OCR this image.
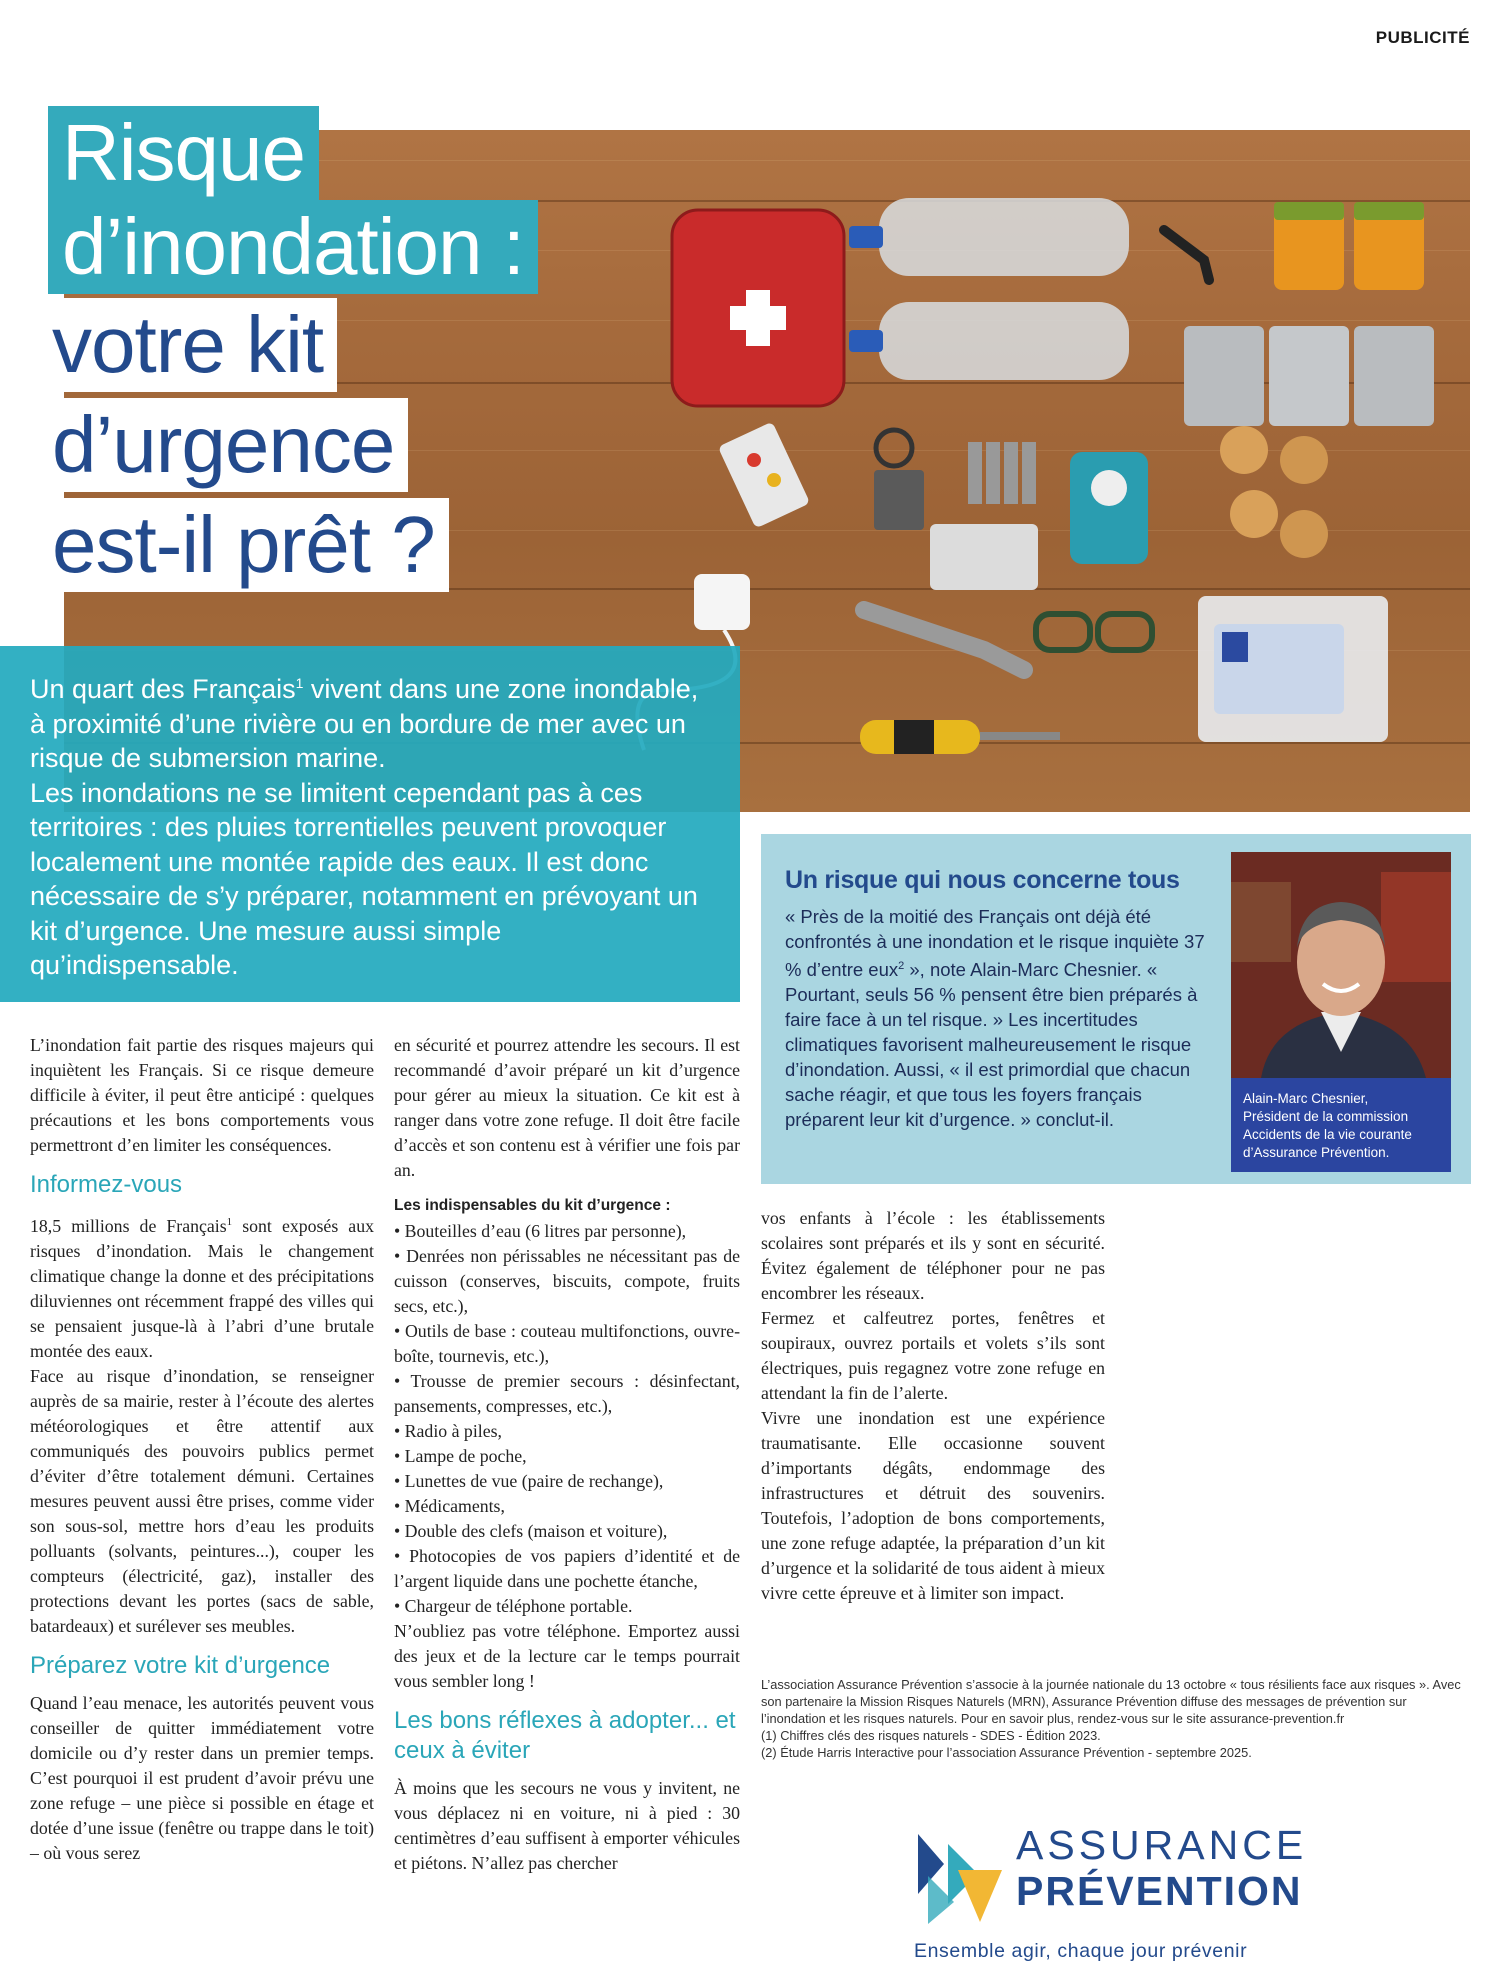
PUBLICITÉ
Risque
d’inondation :
votre kit
d’urgence
est-il prêt ?

Un quart des Français$^1$ vivent dans une zone inondable, à proximité d’une rivière ou en bordure de mer avec un risque de submersion marine.

Les inondations ne se limitent cependant pas à ces territoires : des pluies torrentielles peuvent provoquer localement une montée rapide des eaux. Il est donc nécessaire de s’y préparer, notamment en prévoyant un kit d’urgence. Une mesure aussi simple qu’indispensable.

Un risque qui nous concerne tous

« Près de la moitié des Français ont déjà été confrontés à une inondation et le risque inquiète 37 % d’entre eux$^2$ », note Alain-Marc Chesnier. « Pourtant, seuls 56 % pensent être bien préparés à faire face à un tel risque. » Les incertitudes climatiques favorisent malheureusement le risque d’inondation. Aussi, « il est primordial que chacun sache réagir, et que tous les foyers français préparent leur kit d’urgence. » conclut-il.

Alain-Marc Chesnier,
Président de la commission Accidents de la vie courante d’Assurance Prévention.

L’inondation fait partie des risques majeurs qui inquiètent les Français. Si ce risque demeure difficile à éviter, il peut être anticipé : quelques précautions et les bons comportements vous permettront d’en limiter les conséquences.

Informez-vous

18,5 millions de Français$^1$ sont exposés aux risques d’inondation. Mais le changement climatique change la donne et des précipitations diluviennes ont récemment frappé des villes qui se pensaient jusque-là à l’abri d’une brutale montée des eaux.

Face au risque d’inondation, se renseigner auprès de sa mairie, rester à l’écoute des alertes météorologiques et être attentif aux communiqués des pouvoirs publics permet d’éviter d’être totalement démuni. Certaines mesures peuvent aussi être prises, comme vider son sous-sol, mettre hors d’eau les produits polluants (solvants, peintures...), couper les compteurs (électricité, gaz), installer des protections devant les portes (sacs de sable, batardeaux) et surélever ses meubles.

Préparez votre kit d’urgence

Quand l’eau menace, les autorités peuvent vous conseiller de quitter immédiatement votre domicile ou d’y rester dans un premier temps. C’est pourquoi il est prudent d’avoir prévu une zone refuge – une pièce si possible en étage et dotée d’une issue (fenêtre ou trappe dans le toit) – où vous serez

en sécurité et pourrez attendre les secours. Il est recommandé d’avoir préparé un kit d’urgence pour gérer au mieux la situation. Ce kit est à ranger dans votre zone refuge. Il doit être facile d’accès et son contenu est à vérifier une fois par an.

Les indispensables du kit d’urgence :
• Bouteilles d’eau (6 litres par personne),
• Denrées non périssables ne nécessitant pas de cuisson (conserves, biscuits, compote, fruits secs, etc.),
• Outils de base : couteau multifonctions, ouvre-boîte, tournevis, etc.),
• Trousse de premier secours : désinfectant, pansements, compresses, etc.),
• Radio à piles,
• Lampe de poche,
• Lunettes de vue (paire de rechange),
• Médicaments,
• Double des clefs (maison et voiture),
• Photocopies de vos papiers d’identité et de l’argent liquide dans une pochette étanche,
• Chargeur de téléphone portable.

N’oubliez pas votre téléphone. Emportez aussi des jeux et de la lecture car le temps pourrait vous sembler long !

Les bons réflexes à adopter... et ceux à éviter

À moins que les secours ne vous y invitent, ne vous déplacez ni en voiture, ni à pied : 30 centimètres d’eau suffisent à emporter véhicules et piétons. N’allez pas chercher

vos enfants à l’école : les établissements scolaires sont préparés et ils y sont en sécurité. Évitez également de téléphoner pour ne pas encombrer les réseaux.

Fermez et calfeutrez portes, fenêtres et soupiraux, ouvrez portails et volets s’ils sont électriques, puis regagnez votre zone refuge en attendant la fin de l’alerte.

Vivre une inondation est une expérience traumatisante. Elle occasionne souvent d’importants dégâts, endommage des infrastructures et détruit des souvenirs. Toutefois, l’adoption de bons comportements, une zone refuge adaptée, la préparation d’un kit d’urgence et la solidarité de tous aident à mieux vivre cette épreuve et à limiter son impact.

L’association Assurance Prévention s’associe à la journée nationale du 13 octobre « tous résilients face aux risques ». Avec son partenaire la Mission Risques Naturels (MRN), Assurance Prévention diffuse des messages de prévention sur l’inondation et les risques naturels. Pour en savoir plus, rendez-vous sur le site assurance-prevention.fr

(1) Chiffres clés des risques naturels - SDES - Édition 2023.

(2) Étude Harris Interactive pour l’association Assurance Prévention - septembre 2025.

ASSURANCE
PRÉVENTION
Ensemble agir, chaque jour prévenir
